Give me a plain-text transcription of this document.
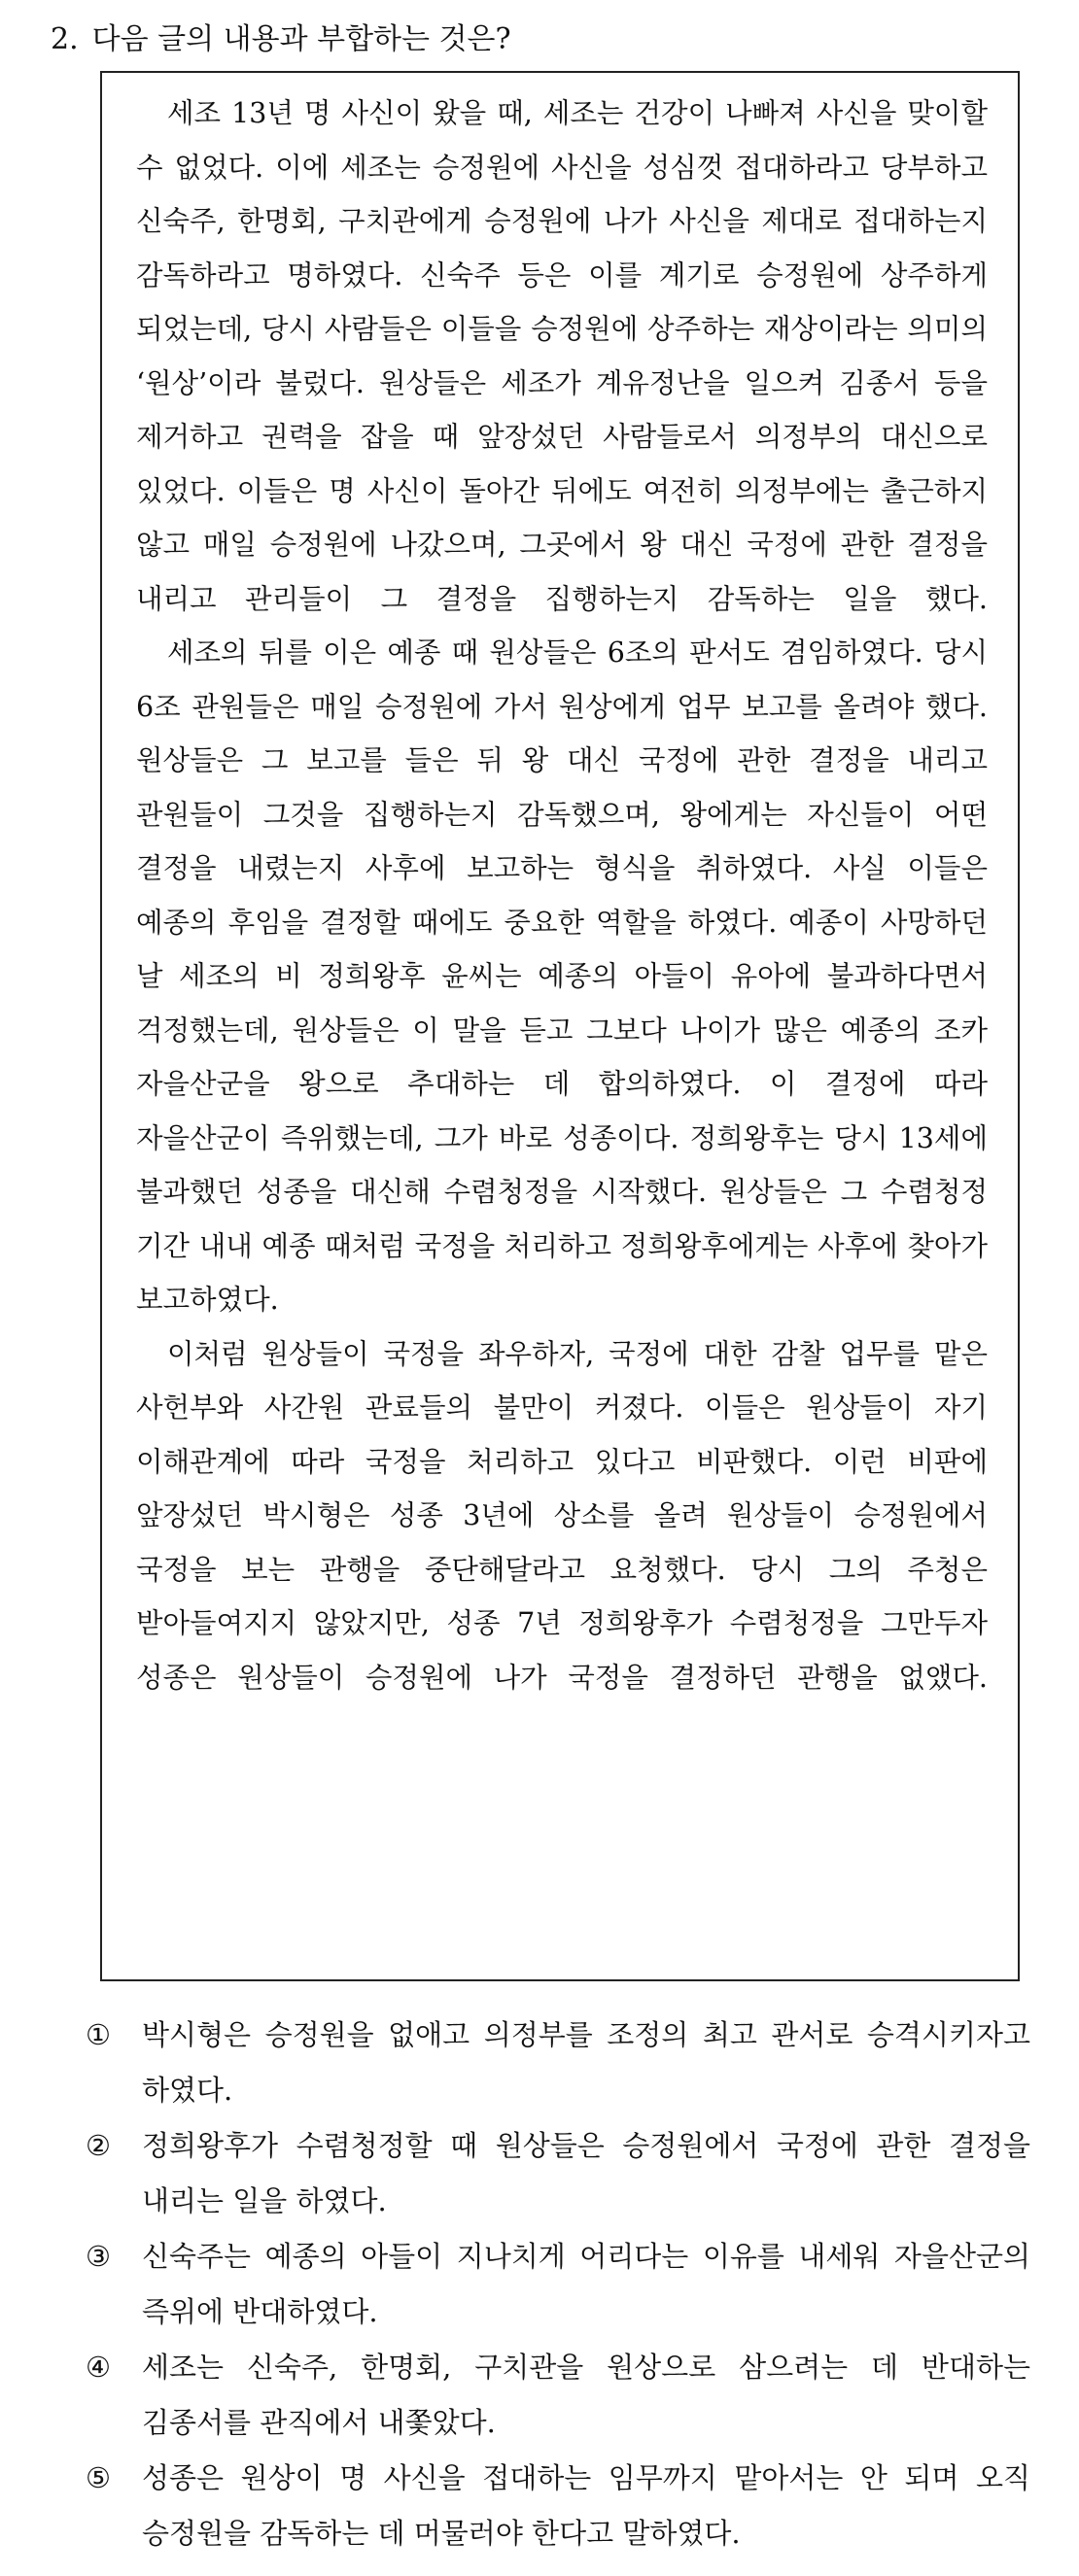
2. 다음 글의 내용과 부합하는 것은?

세조 13년 명 사신이 왔을 때, 세조는 건강이 나빠져 사신을 맞이할 수 없었다. 이에 세조는 승정원에 사신을 성심껏 접대하라고 당부하고 신숙주, 한명회, 구치관에게 승정원에 나가 사신을 제대로 접대하는지 감독하라고 명하였다. 신숙주 등은 이를 계기로 승정원에 상주하게 되었는데, 당시 사람들은 이들을 승정원에 상주하는 재상이라는 의미의 ‘원상’이라 불렀다. 원상들은 세조가 계유정난을 일으켜 김종서 등을 제거하고 권력을 잡을 때 앞장섰던 사람들로서 의정부의 대신으로 있었다. 이들은 명 사신이 돌아간 뒤에도 여전히 의정부에는 출근하지 않고 매일 승정원에 나갔으며, 그곳에서 왕 대신 국정에 관한 결정을 내리고 관리들이 그 결정을 집행하는지 감독하는 일을 했다.

세조의 뒤를 이은 예종 때 원상들은 6조의 판서도 겸임하였다. 당시 6조 관원들은 매일 승정원에 가서 원상에게 업무 보고를 올려야 했다. 원상들은 그 보고를 들은 뒤 왕 대신 국정에 관한 결정을 내리고 관원들이 그것을 집행하는지 감독했으며, 왕에게는 자신들이 어떤 결정을 내렸는지 사후에 보고하는 형식을 취하였다. 사실 이들은 예종의 후임을 결정할 때에도 중요한 역할을 하였다. 예종이 사망하던 날 세조의 비 정희왕후 윤씨는 예종의 아들이 유아에 불과하다면서 걱정했는데, 원상들은 이 말을 듣고 그보다 나이가 많은 예종의 조카 자을산군을 왕으로 추대하는 데 합의하였다. 이 결정에 따라 자을산군이 즉위했는데, 그가 바로 성종이다. 정희왕후는 당시 13세에 불과했던 성종을 대신해 수렴청정을 시작했다. 원상들은 그 수렴청정 기간 내내 예종 때처럼 국정을 처리하고 정희왕후에게는 사후에 찾아가 보고하였다.

이처럼 원상들이 국정을 좌우하자, 국정에 대한 감찰 업무를 맡은 사헌부와 사간원 관료들의 불만이 커졌다. 이들은 원상들이 자기 이해관계에 따라 국정을 처리하고 있다고 비판했다. 이런 비판에 앞장섰던 박시형은 성종 3년에 상소를 올려 원상들이 승정원에서 국정을 보는 관행을 중단해달라고 요청했다. 당시 그의 주청은 받아들여지지 않았지만, 성종 7년 정희왕후가 수렴청정을 그만두자 성종은 원상들이 승정원에 나가 국정을 결정하던 관행을 없앴다.

①	박시형은 승정원을 없애고 의정부를 조정의 최고 관서로 승격시키자고 하였다.
②	정희왕후가 수렴청정할 때 원상들은 승정원에서 국정에 관한 결정을 내리는 일을 하였다.
③	신숙주는 예종의 아들이 지나치게 어리다는 이유를 내세워 자을산군의 즉위에 반대하였다.
④	세조는 신숙주, 한명회, 구치관을 원상으로 삼으려는 데 반대하는 김종서를 관직에서 내쫓았다.
⑤	성종은 원상이 명 사신을 접대하는 임무까지 맡아서는 안 되며 오직 승정원을 감독하는 데 머물러야 한다고 말하였다.
